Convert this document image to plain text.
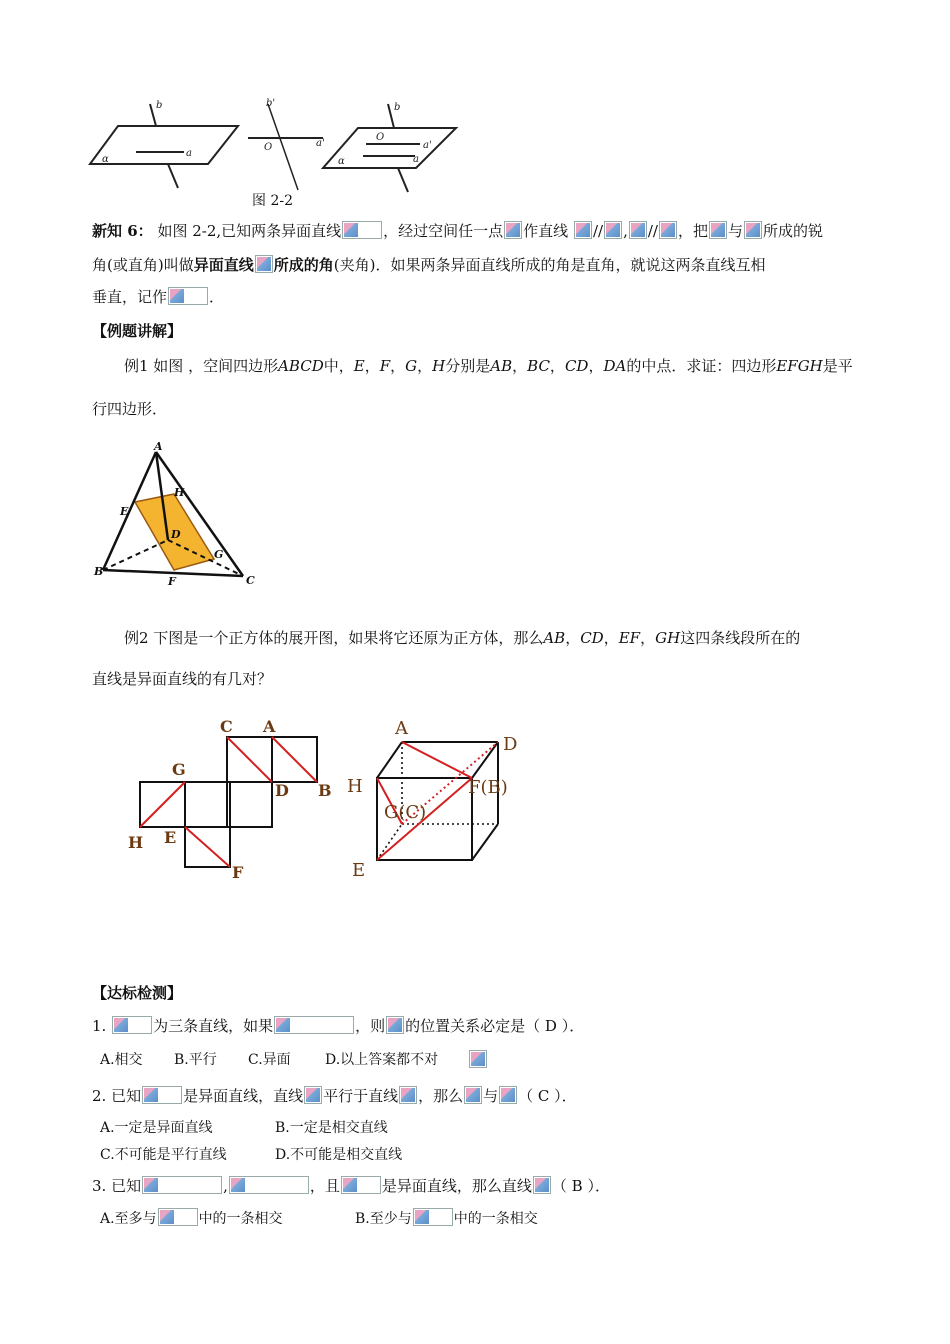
b
a
α
b'
a'
O
b
O
a'
a
α
图 2-2
新知 6： 如图 2-2,已知两条异面直线	，经过空间任一点 作直线 // , // ，把 与 所成的锐
角(或直角)叫做异面直线 所成的角(夹角)．如果两条异面直线所成的角是直角，就说这两条直线互相
垂直，记作	．
【例题讲解】
例1 如图 ，空间四边形ABCD中，E，F，G，H分别是AB，BC，CD，DA的中点．求证：四边形EFGH是平
行四边形．
A
H
E
D
G
B
F	C
例2 下图是一个正方体的展开图，如果将它还原为正方体，那么AB，CD，EF，GH这四条线段所在的
直线是异面直线的有几对？
C A
G
D B
H E
F
A
D
H	F(B)
G(C)
E
【达标检测】
1.	为三条直线，如果	，则 的位置关系必定是（ D ）．
A.相交 B.平行 C.异面 D.以上答案都不对
2. 已知	是异面直线，直线 平行于直线 ，那么 与 （ C ）．
A.一定是异面直线	B.一定是相交直线
C.不可能是平行直线	D.不可能是相交直线
3. 已知	,	，且	是异面直线，那么直线 （ B ）．
A.至多与	中的一条相交	B.至少与	中的一条相交
